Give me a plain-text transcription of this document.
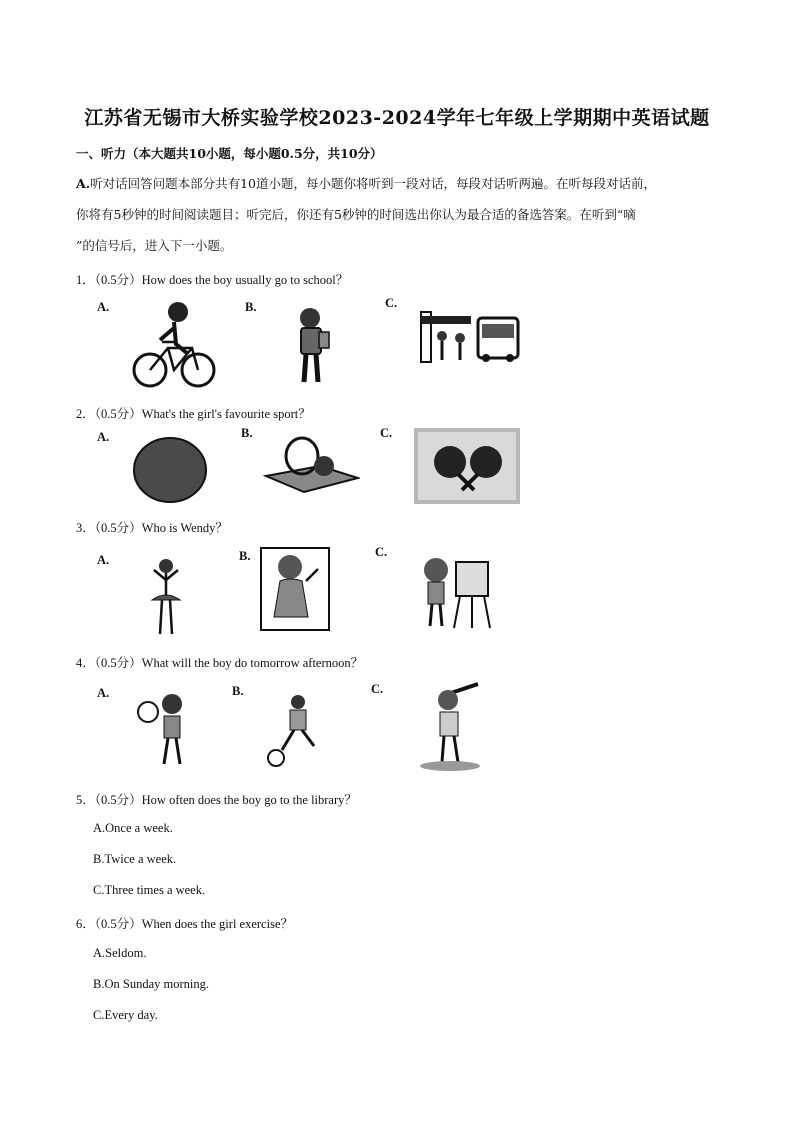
江苏省无锡市大桥实验学校2023-2024学年七年级上学期期中英语试题
一、听力（本大题共10小题，每小题0.5分，共10分）
A.听对话回答问题本部分共有10道小题，每小题你将听到一段对话，每段对话听两遍。在听每段对话前，
你将有5秒钟的时间阅读题目；听完后，你还有5秒钟的时间选出你认为最合适的备选答案。在听到“嘀
”的信号后，进入下一小题。
1．（0.5分）How does the boy usually go to school？
A.	B.	C.
2．（0.5分）What's the girl's favourite sport？
A.	B.	C.
3．（0.5分）Who is Wendy？
A.	B.	C.
4．（0.5分）What will the boy do tomorrow afternoon？
A.	B.	C.
5．（0.5分）How often does the boy go to the library？
A.Once a week.
B.Twice a week.
C.Three times a week.
6．（0.5分）When does the girl exercise？
A.Seldom.
B.On Sunday morning.
C.Every day.
